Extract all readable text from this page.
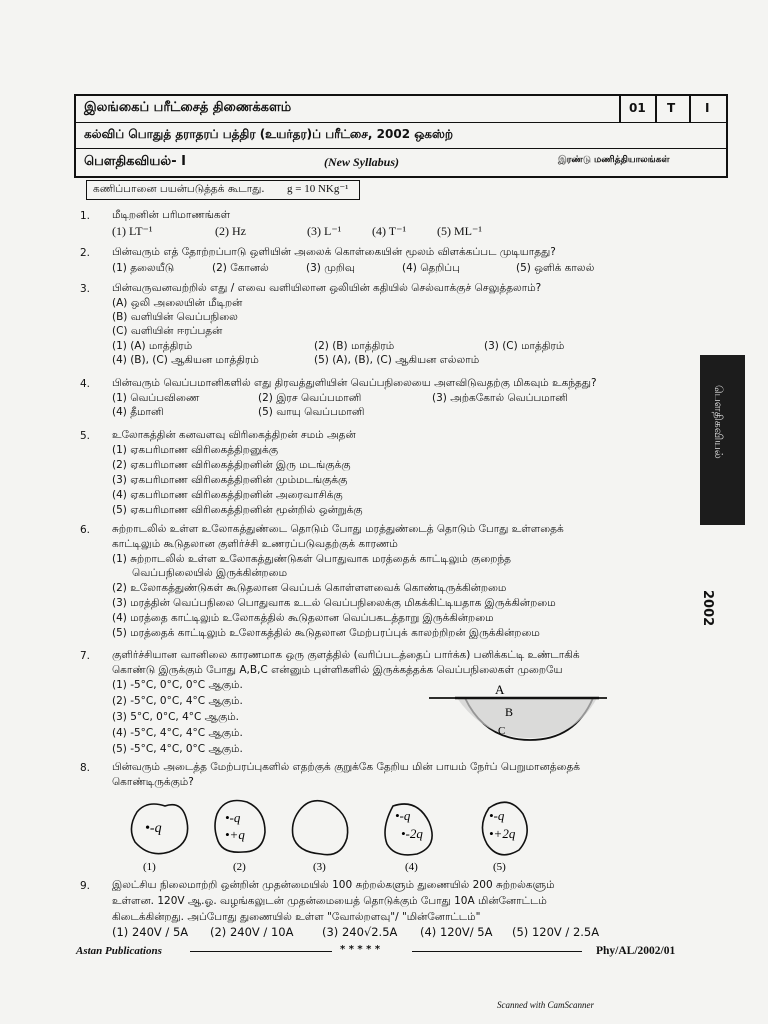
இலங்கைப் பரீட்சைத் திணைக்களம்	01 T I
கல்விப் பொதுத் தராதரப் பத்திர (உயர்தர)ப் பரீட்சை, 2002 ஒகஸ்ற்
பௌதிகவியல்- I	(New Syllabus)	இரண்டு மணித்தியாலங்கள்
கணிப்பானை பயன்படுத்தக் கூடாது. g = 10 NKg⁻¹
பௌதிகவியல்
2002
1. மீடிறனின் பரிமாணங்கள்
(1) LT⁻¹	(2) Hz	(3) L⁻¹	(4) T⁻¹	(5) ML⁻¹
2. பின்வரும் எத் தோற்றப்பாடு ஒளியின் அலைக் கொள்கையின் மூலம் விளக்கப்பட முடியாதது?
(1) தலையீடு	(2) கோனல்	(3) முறிவு	(4) தெறிப்பு	(5) ஒளிக் காலல்
3. பின்வருவனவற்றில் எது / எவை வளியிலான ஒலியின் கதியில் செல்வாக்குச் செலுத்தலாம்?
(A) ஒலி அலையின் மீடிறன்
(B) வளியின் வெப்பநிலை
(C) வளியின் ஈரப்பதன்
(1) (A) மாத்திரம்	(2) (B) மாத்திரம்	(3) (C) மாத்திரம்
(4) (B), (C) ஆகியன மாத்திரம்	(5) (A), (B), (C) ஆகியன எல்லாம்
4. பின்வரும் வெப்பமானிகளில் எது திரவத்துளியின் வெப்பநிலையை அளவிடுவதற்கு மிகவும் உகந்தது?
(1) வெப்பவிணை	(2) இரச வெப்பமானி	(3) அற்ககோல் வெப்பமானி
(4) தீமானி	(5) வாயு வெப்பமானி
5. உலோகத்தின் கனவளவு விரிகைத்திறன் சமம் அதன்
(1) ஏகபரிமாண விரிகைத்திறனுக்கு
(2) ஏகபரிமாண விரிகைத்திறனின் இரு மடங்குக்கு
(3) ஏகபரிமாண விரிகைத்திறனின் மும்மடங்குக்கு
(4) ஏகபரிமாண விரிகைத்திறனின் அரைவாசிக்கு
(5) ஏகபரிமாண விரிகைத்திறனின் மூன்றில் ஒன்றுக்கு
6. சுற்றாடலில் உள்ள உலோகத்துண்டை தொடும் போது மரத்துண்டைத் தொடும் போது உள்ளதைக்
காட்டிலும் கூடுதலான குளிர்ச்சி உணரப்படுவதற்குக் காரணம்
(1) சுற்றாடலில் உள்ள உலோகத்துண்டுகள் பொதுவாக மரத்தைக் காட்டிலும் குறைந்த
வெப்பநிலையில் இருக்கின்றமை
(2) உலோகத்துண்டுகள் கூடுதலான வெப்பக் கொள்ளளவைக் கொண்டிருக்கின்றமை
(3) மரத்தின் வெப்பநிலை பொதுவாக உடல் வெப்பநிலைக்கு மிகக்கிட்டியதாக இருக்கின்றமை
(4) மரத்தை காட்டிலும் உலோகத்தில் கூடுதலான வெப்பகடத்தாறு இருக்கின்றமை
(5) மரத்தைக் காட்டிலும் உலோகத்தில் கூடுதலான மேற்பரப்புக் காலற்றிறன் இருக்கின்றமை
7. குளிர்ச்சியான வானிலை காரணமாக ஒரு குளத்தில் (வரிப்படத்தைப் பார்க்க) பனிக்கட்டி உண்டாகிக்
கொண்டு இருக்கும் போது A,B,C என்னும் புள்ளிகளில் இருக்கத்தக்க வெப்பநிலைகள் முறையே
(1) -5°C, 0°C, 0°C ஆகும்.
(2) -5°C, 0°C, 4°C ஆகும்.
(3) 5°C, 0°C, 4°C ஆகும்.
(4) -5°C, 4°C, 4°C ஆகும்.
(5) -5°C, 4°C, 0°C ஆகும்.
A
B
C
8. பின்வரும் அடைத்த மேற்பரப்புகளில் எதற்குக் குறுக்கே தேறிய மின் பாயம் நேர்ப் பெறுமானத்தைக்
கொண்டிருக்கும்?
•-q
(1)
•-q
•+q
(2)	(3)
•-q
•-2q
(4)
•-q
•+2q
(5)
9. இலட்சிய நிலைமாற்றி ஒன்றின் முதன்மையில் 100 சுற்றல்களும் துணையில் 200 சுற்றல்களும்
உள்ளன. 120V ஆ.ஓ. வழங்கலுடன் முதன்மையைத் தொடுக்கும் போது 10A மின்னோட்டம்
கிடைக்கின்றது. அப்போது துணையில் உள்ள "வோல்றளவு"/ "மின்னோட்டம்"
(1) 240V / 5A (2) 240V / 10A (3) 240√2.5A (4) 120V/ 5A (5) 120V / 2.5A
Astan Publications	* * * * *	Phy/AL/2002/01
Scanned with CamScanner
